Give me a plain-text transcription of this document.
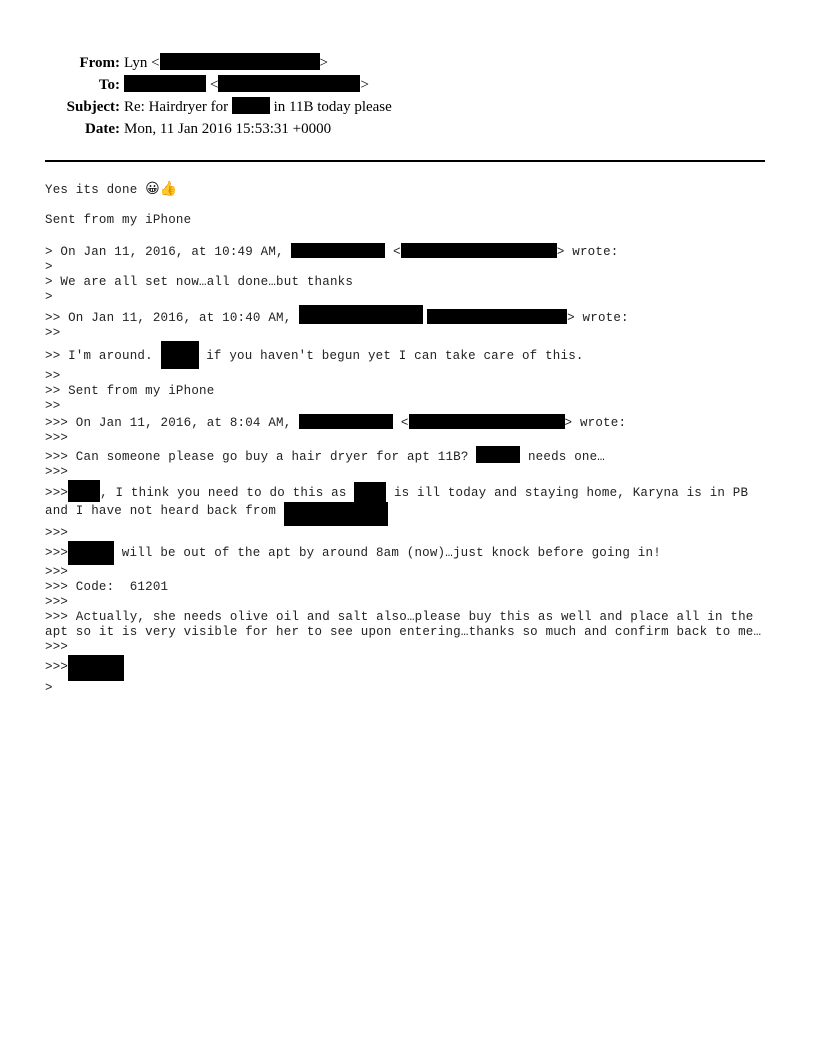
From: Lyn <	>
To:	<	>
Subject: Re: Hairdryer for	in 11B today please
Date: Mon, 11 Jan 2016 15:53:31 +0000
Yes its done 😀👍
Sent from my iPhone
> On Jan 11, 2016, at 10:49 AM,	<	> wrote:
>
> We are all set now…all done…but thanks
>
>> On Jan 11, 2016, at 10:40 AM,	> wrote:
>>
>> I'm around.	if you haven't begun yet I can take care of this.
>>
>> Sent from my iPhone
>>
>>> On Jan 11, 2016, at 8:04 AM,	<	> wrote:
>>>
>>> Can someone please go buy a hair dryer for apt 11B?	needs one…
>>>
>>>	, I think you need to do this as	is ill today and staying home, Karyna is in PB
and I have not heard back from
>>>
>>>	will be out of the apt by around 8am (now)…just knock before going in!
>>>
>>> Code:  61201
>>>
>>> Actually, she needs olive oil and salt also…please buy this as well and place all in the
apt so it is very visible for her to see upon entering…thanks so much and confirm back to me…
>>>
>>>
>
